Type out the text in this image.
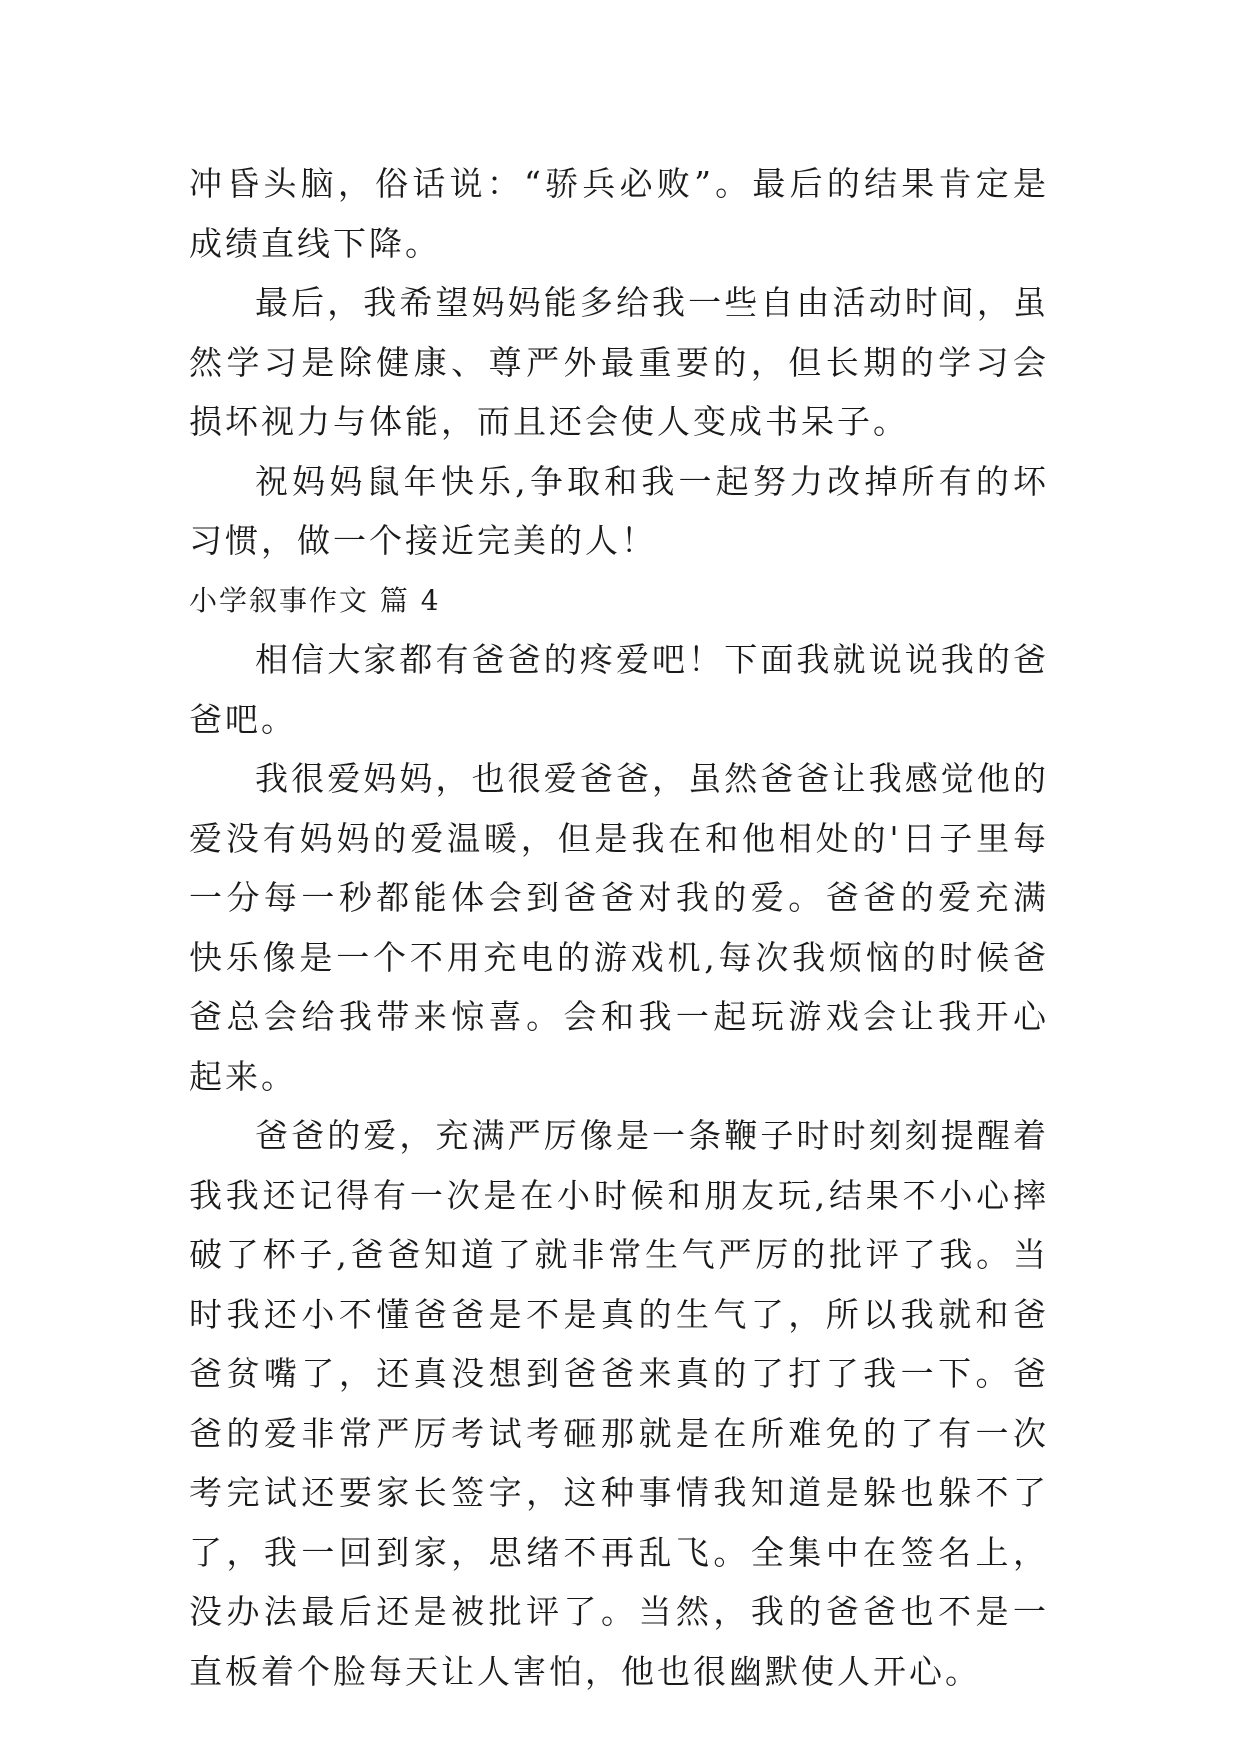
冲昏头脑，俗话说：“骄兵必败”。最后的结果肯定是成绩直线下降。

最后，我希望妈妈能多给我一些自由活动时间，虽然学习是除健康、尊严外最重要的，但长期的学习会损坏视力与体能，而且还会使人变成书呆子。

祝妈妈鼠年快乐,争取和我一起努力改掉所有的坏习惯，做一个接近完美的人！

小学叙事作文 篇 4

相信大家都有爸爸的疼爱吧！下面我就说说我的爸爸吧。

我很爱妈妈，也很爱爸爸，虽然爸爸让我感觉他的爱没有妈妈的爱温暖，但是我在和他相处的'日子里每一分每一秒都能体会到爸爸对我的爱。爸爸的爱充满快乐像是一个不用充电的游戏机,每次我烦恼的时候爸爸总会给我带来惊喜。会和我一起玩游戏会让我开心起来。

爸爸的爱，充满严厉像是一条鞭子时时刻刻提醒着我我还记得有一次是在小时候和朋友玩,结果不小心摔破了杯子,爸爸知道了就非常生气严厉的批评了我。当时我还小不懂爸爸是不是真的生气了，所以我就和爸爸贫嘴了，还真没想到爸爸来真的了打了我一下。爸爸的爱非常严厉考试考砸那就是在所难免的了有一次考完试还要家长签字，这种事情我知道是躲也躲不了了，我一回到家，思绪不再乱飞。全集中在签名上，没办法最后还是被批评了。当然，我的爸爸也不是一直板着个脸每天让人害怕，他也很幽默使人开心。
